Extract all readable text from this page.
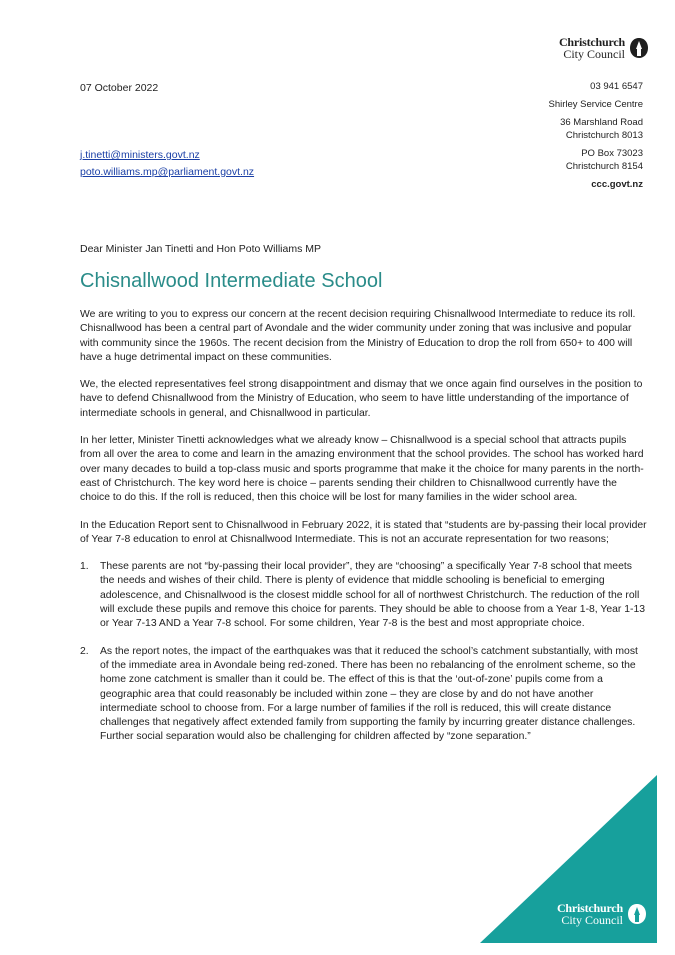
Christchurch
City Council
07 October 2022	03 941 6547
Shirley Service Centre
36 Marshland Road
Christchurch 8013
PO Box 73023
Christchurch 8154
ccc.govt.nz
j.tinetti@ministers.govt.nz
poto.williams.mp@parliament.govt.nz
Dear Minister Jan Tinetti and Hon Poto Williams MP
Chisnallwood Intermediate School

We are writing to you to express our concern at the recent decision requiring Chisnallwood Intermediate to reduce its roll. Chisnallwood has been a central part of Avondale and the wider community under zoning that was inclusive and popular with community since the 1960s. The recent decision from the Ministry of Education to drop the roll from 650+ to 400 will have a huge detrimental impact on these communities.

We, the elected representatives feel strong disappointment and dismay that we once again find ourselves in the position to have to defend Chisnallwood from the Ministry of Education, who seem to have little understanding of the importance of intermediate schools in general, and Chisnallwood in particular.

In her letter, Minister Tinetti acknowledges what we already know – Chisnallwood is a special school that attracts pupils from all over the area to come and learn in the amazing environment that the school provides. The school has worked hard over many decades to build a top-class music and sports programme that make it the choice for many parents in the north-east of Christchurch. The key word here is choice – parents sending their children to Chisnallwood currently have the choice to do this. If the roll is reduced, then this choice will be lost for many families in the wider school area.

In the Education Report sent to Chisnallwood in February 2022, it is stated that “students are by-passing their local provider of Year 7-8 education to enrol at Chisnallwood Intermediate. This is not an accurate representation for two reasons;

1.	These parents are not “by-passing their local provider”, they are “choosing” a specifically Year 7-8 school that meets the needs and wishes of their child. There is plenty of evidence that middle schooling is beneficial to emerging adolescence, and Chisnallwood is the closest middle school for all of northwest Christchurch. The reduction of the roll will exclude these pupils and remove this choice for parents. They should be able to choose from a Year 1-8, Year 1-13 or Year 7-13 AND a Year 7-8 school. For some children, Year 7-8 is the best and most appropriate choice.
2.	As the report notes, the impact of the earthquakes was that it reduced the school’s catchment substantially, with most of the immediate area in Avondale being red-zoned. There has been no rebalancing of the enrolment scheme, so the home zone catchment is smaller than it could be. The effect of this is that the ‘out-of-zone’ pupils come from a geographic area that could reasonably be included within zone – they are close by and do not have another intermediate school to choose from. For a large number of families if the roll is reduced, this will create distance challenges that negatively affect extended family from supporting the family by incurring greater distance challenges. Further social separation would also be challenging for children affected by “zone separation.”
Christchurch
City Council
